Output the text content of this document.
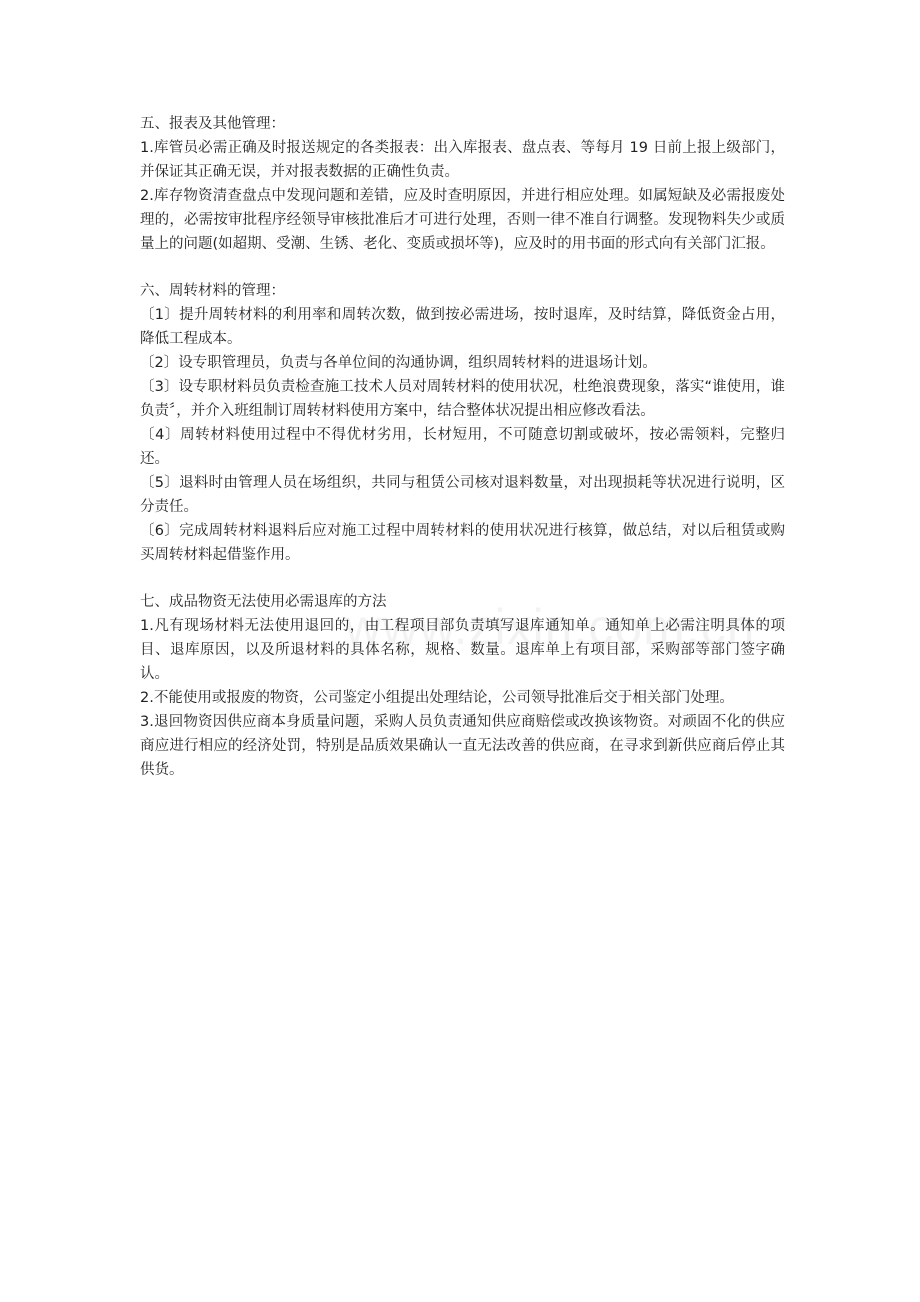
五、报表及其他管理：

1.库管员必需正确及时报送规定的各类报表：出入库报表、盘点表、等每月 19 日前上报上级部门，并保证其正确无误，并对报表数据的正确性负责。

2.库存物资清查盘点中发现问题和差错，应及时查明原因，并进行相应处理。如属短缺及必需报废处理的，必需按审批程序经领导审核批准后才可进行处理，否则一律不准自行调整。发现物料失少或质量上的问题(如超期、受潮、生锈、老化、变质或损坏等)，应及时的用书面的形式向有关部门汇报。

六、周转材料的管理：

〔1〕提升周转材料的利用率和周转次数，做到按必需进场，按时退库，及时结算，降低资金占用，降低工程成本。

〔2〕设专职管理员，负责与各单位间的沟通协调，组织周转材料的进退场计划。

〔3〕设专职材料员负责检查施工技术人员对周转材料的使用状况，杜绝浪费现象，落实“谁使用，谁负责〞，并介入班组制订周转材料使用方案中，结合整体状况提出相应修改看法。

〔4〕周转材料使用过程中不得优材劣用，长材短用，不可随意切割或破坏，按必需领料，完整归还。

〔5〕退料时由管理人员在场组织，共同与租赁公司核对退料数量，对出现损耗等状况进行说明，区分责任。

〔6〕完成周转材料退料后应对施工过程中周转材料的使用状况进行核算，做总结，对以后租赁或购买周转材料起借鉴作用。

七、成品物资无法使用必需退库的方法

1.凡有现场材料无法使用退回的，由工程项目部负责填写退库通知单。通知单上必需注明具体的项目、退库原因，以及所退材料的具体名称，规格、数量。退库单上有项目部，采购部等部门签字确认。

2.不能使用或报废的物资，公司鉴定小组提出处理结论，公司领导批准后交于相关部门处理。

3.退回物资因供应商本身质量问题，采购人员负责通知供应商赔偿或改换该物资。对顽固不化的供应商应进行相应的经济处罚，特别是品质效果确认一直无法改善的供应商，在寻求到新供应商后停止其供货。
